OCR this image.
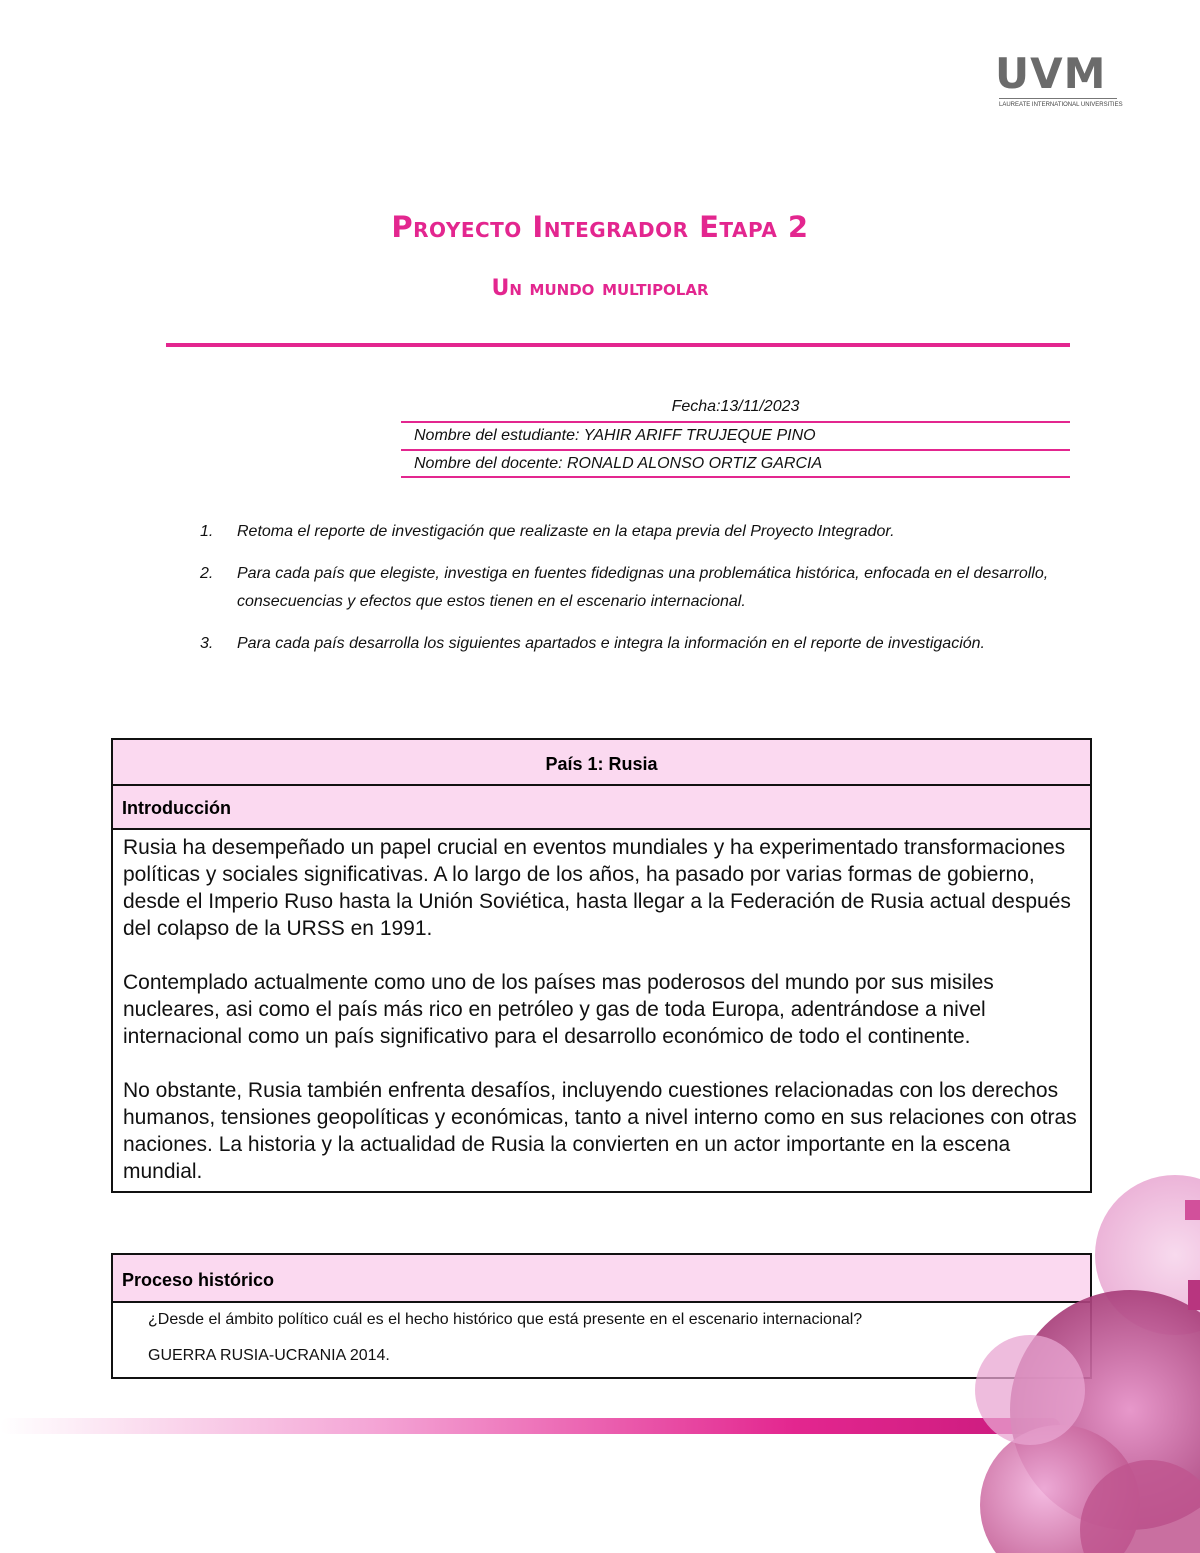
UVM
LAUREATE INTERNATIONAL UNIVERSITIES
Proyecto Integrador Etapa 2
Un mundo multipolar
Fecha:13/11/2023
Nombre del estudiante: YAHIR ARIFF TRUJEQUE PINO
Nombre del docente: RONALD ALONSO ORTIZ GARCIA
1. Retoma el reporte de investigación que realizaste en la etapa previa del Proyecto Integrador.
2. Para cada país que elegiste, investiga en fuentes fidedignas una problemática histórica, enfocada en el desarrollo, consecuencias y efectos que estos tienen en el escenario internacional.
3. Para cada país desarrolla los siguientes apartados e integra la información en el reporte de investigación.
País 1: Rusia
Introducción

Rusia ha desempeñado un papel crucial en eventos mundiales y ha experimentado transformaciones políticas y sociales significativas. A lo largo de los años, ha pasado por varias formas de gobierno, desde el Imperio Ruso hasta la Unión Soviética, hasta llegar a la Federación de Rusia actual después del colapso de la URSS en 1991.

Contemplado actualmente como uno de los países mas poderosos del mundo por sus misiles nucleares, asi como el país más rico en petróleo y gas de toda Europa, adentrándose a nivel internacional como un país significativo para el desarrollo económico de todo el continente.

No obstante, Rusia también enfrenta desafíos, incluyendo cuestiones relacionadas con los derechos humanos, tensiones geopolíticas y económicas, tanto a nivel interno como en sus relaciones con otras naciones. La historia y la actualidad de Rusia la convierten en un actor importante en la escena mundial.

Proceso histórico

¿Desde el ámbito político cuál es el hecho histórico que está presente en el escenario internacional?

GUERRA RUSIA-UCRANIA 2014.
